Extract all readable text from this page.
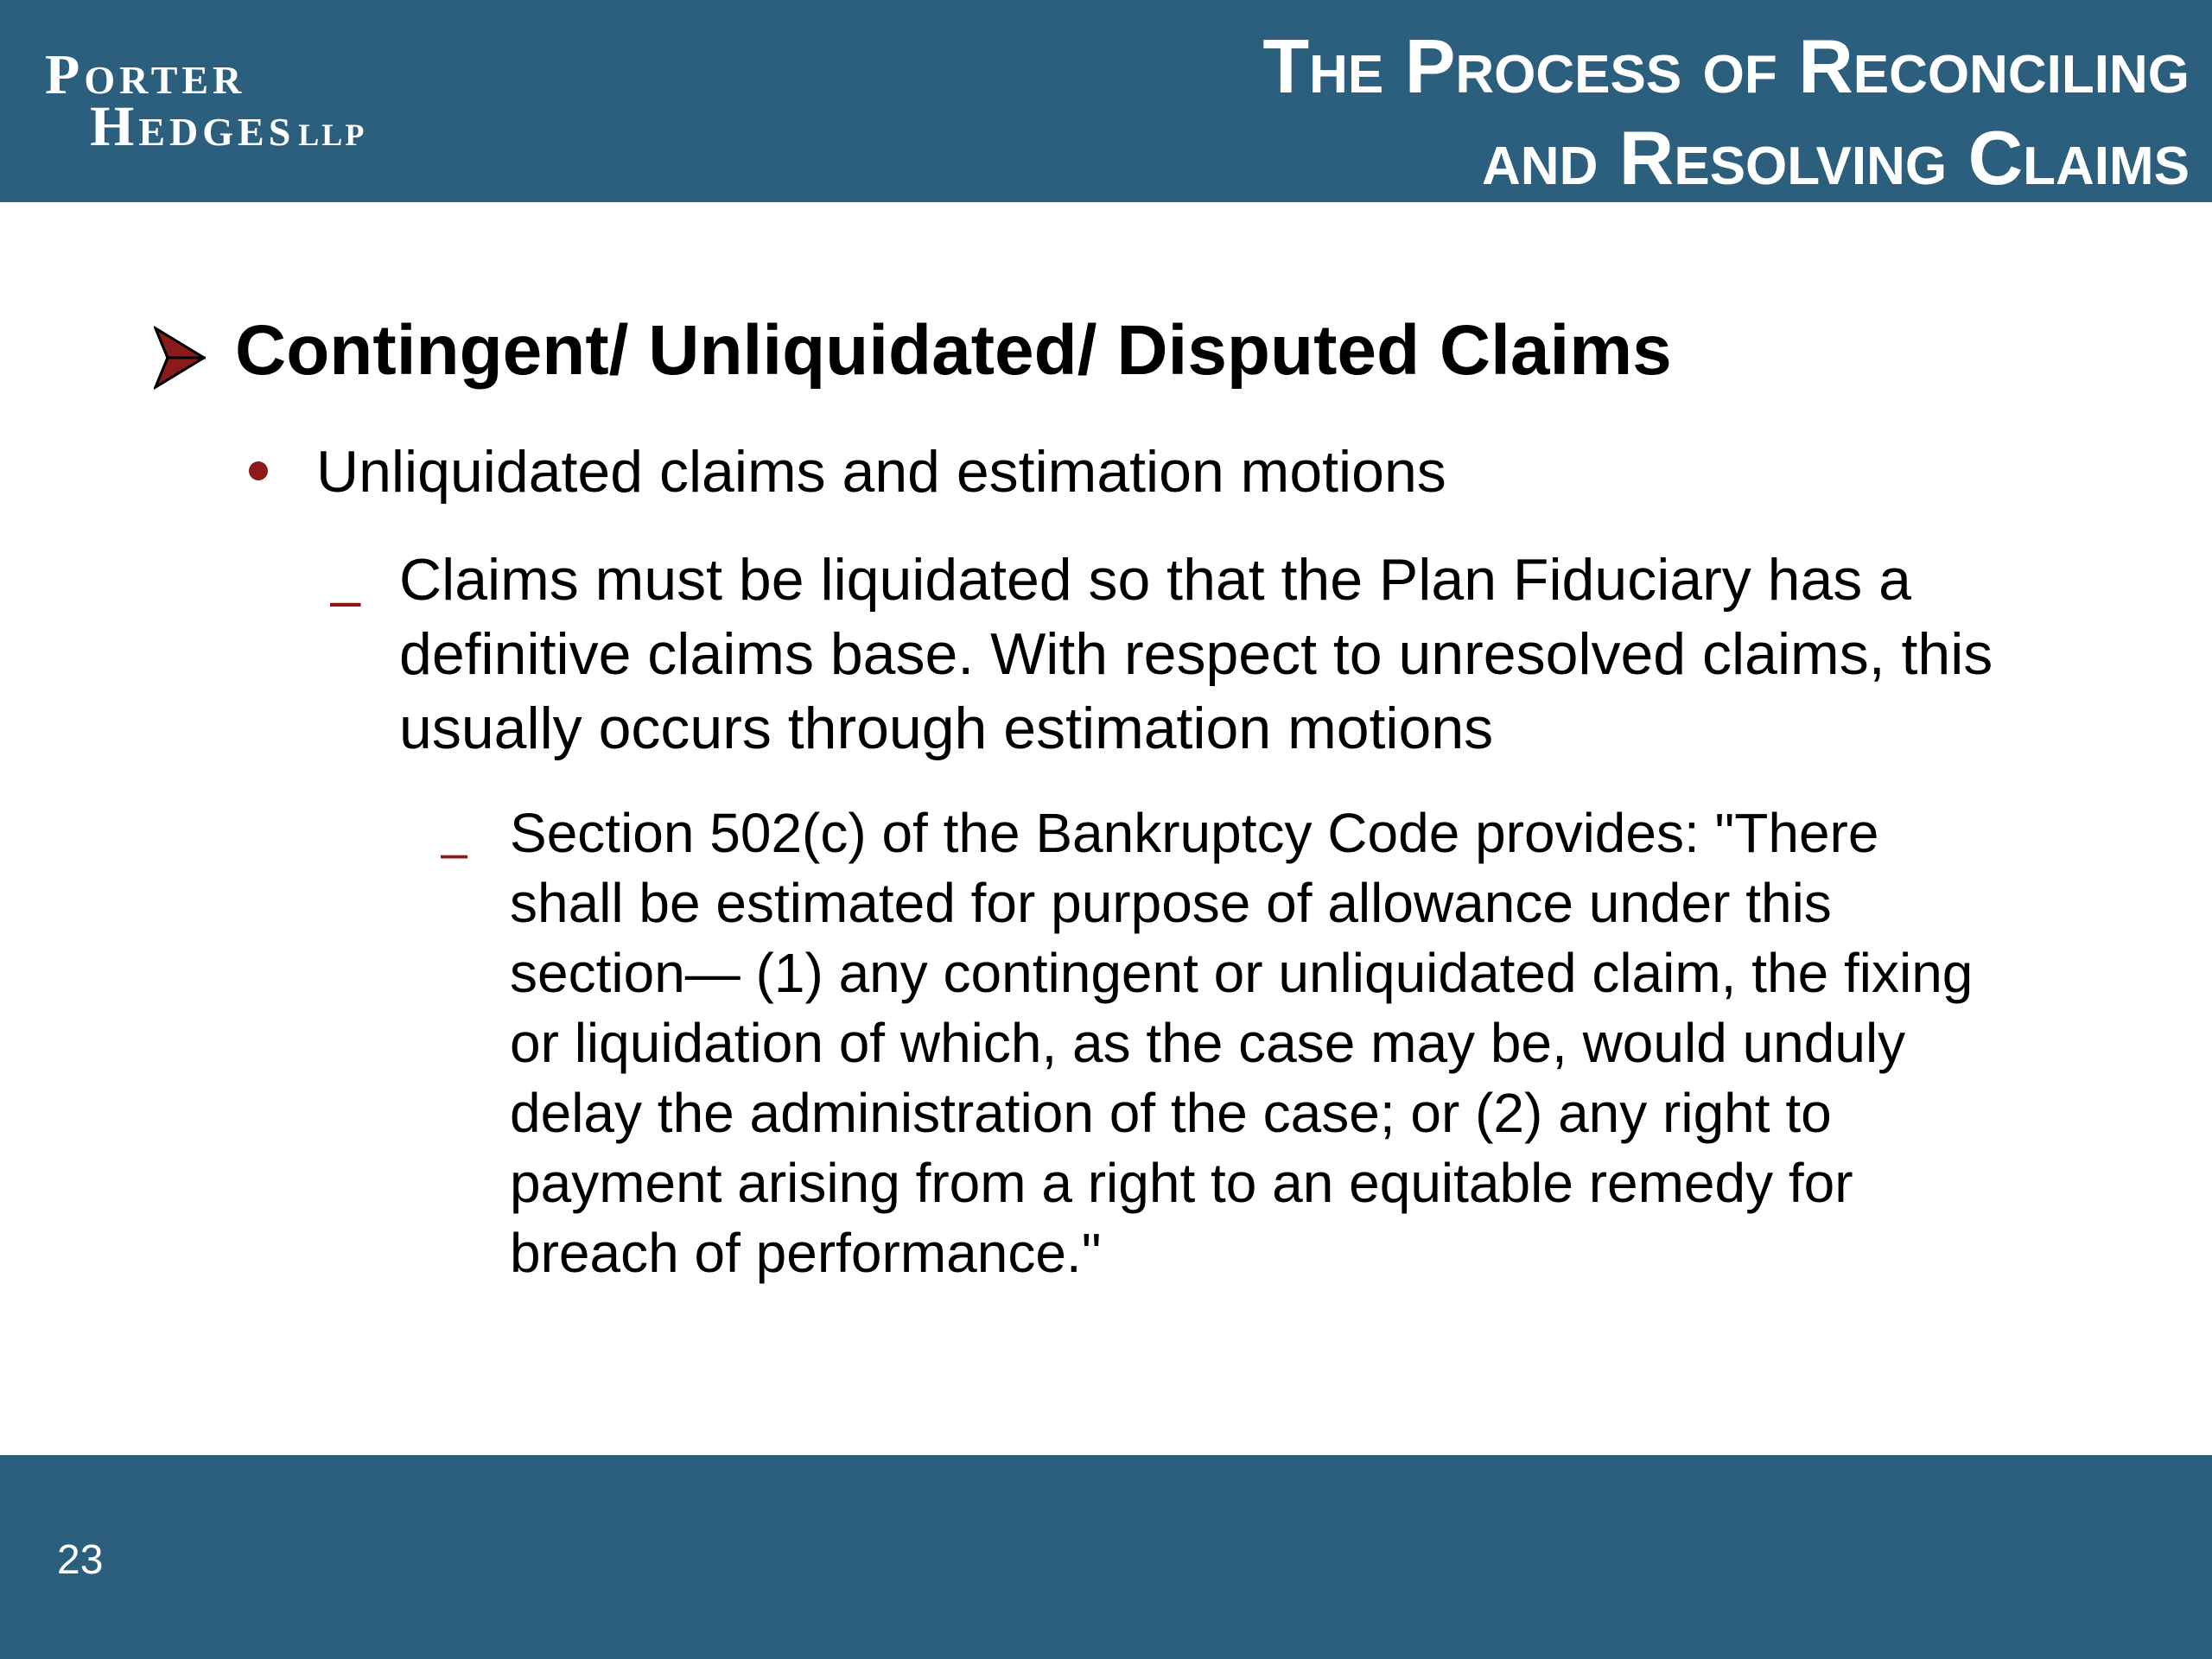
Porter
Hedges LLP
The Process of Reconciling
and Resolving Claims
Contingent/ Unliquidated/ Disputed Claims
Unliquidated claims and estimation motions
– Claims must be liquidated so that the Plan Fiduciary has a
definitive claims base. With respect to unresolved claims, this
usually occurs through estimation motions
– Section 502(c) of the Bankruptcy Code provides: "There
shall be estimated for purpose of allowance under this
section— (1) any contingent or unliquidated claim, the fixing
or liquidation of which, as the case may be, would unduly
delay the administration of the case; or (2) any right to
payment arising from a right to an equitable remedy for
breach of performance."
23
